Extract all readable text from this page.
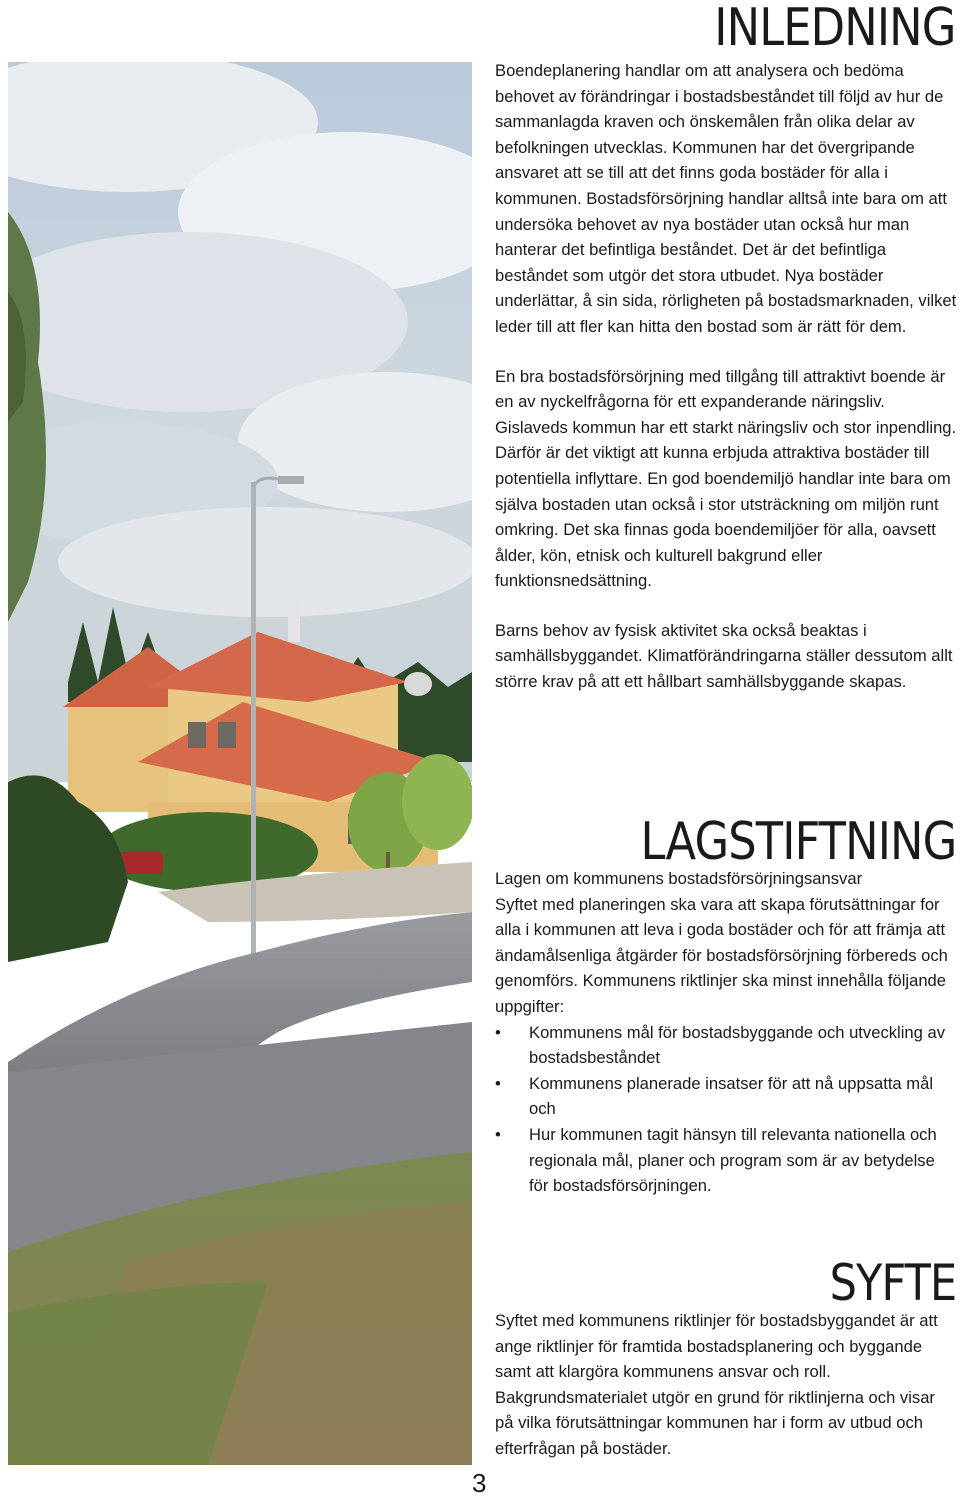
INLEDNING

Boendeplanering handlar om att analysera och bedöma behovet av förändringar i bostadsbeståndet till följd av hur de sammanlagda kraven och önskemålen från olika delar av befolkningen utvecklas. Kommunen har det övergripande ansvaret att se till att det finns goda bostäder för alla i kommunen. Bostadsförsörjning handlar alltså inte bara om att undersöka behovet av nya bostäder utan också hur man hanterar det befintliga beståndet. Det är det befintliga beståndet som utgör det stora utbudet. Nya bostäder underlättar, å sin sida, rörligheten på bostadsmarknaden, vilket leder till att fler kan hitta den bostad som är rätt för dem.

En bra bostadsförsörjning med tillgång till attraktivt boende är en av nyckelfrågorna för ett expanderande näringsliv. Gislaveds kommun har ett starkt näringsliv och stor inpendling. Därför är det viktigt att kunna erbjuda attraktiva bostäder till potentiella inflyttare. En god boendemiljö handlar inte bara om själva bostaden utan också i stor utsträckning om miljön runt omkring. Det ska finnas goda boendemiljöer för alla, oavsett ålder, kön, etnisk och kulturell bakgrund eller funktionsnedsättning.

Barns behov av fysisk aktivitet ska också beaktas i samhällsbyggandet. Klimatförändringarna ställer dessutom allt större krav på att ett hållbart samhällsbyggande skapas.

LAGSTIFTNING

Lagen om kommunens bostadsförsörjningsansvar

Syftet med planeringen ska vara att skapa förutsättningar for alla i kommunen att leva i goda bostäder och för att främja att ändamålsenliga åtgärder för bostadsförsörjning förbereds och genomförs. Kommunens riktlinjer ska minst innehålla följande uppgifter:

• Kommunens mål för bostadsbyggande och utveckling av bostadsbeståndet
• Kommunens planerade insatser för att nå uppsatta mål och
• Hur kommunen tagit hänsyn till relevanta nationella och regionala mål, planer och program som är av betydelse för bostadsförsörjningen.
SYFTE

Syftet med kommunens riktlinjer för bostadsbyggandet är att ange riktlinjer för framtida bostadsplanering och byggande samt att klargöra kommunens ansvar och roll. Bakgrundsmaterialet utgör en grund för riktlinjerna och visar på vilka förutsättningar kommunen har i form av utbud och efterfrågan på bostäder.

3
